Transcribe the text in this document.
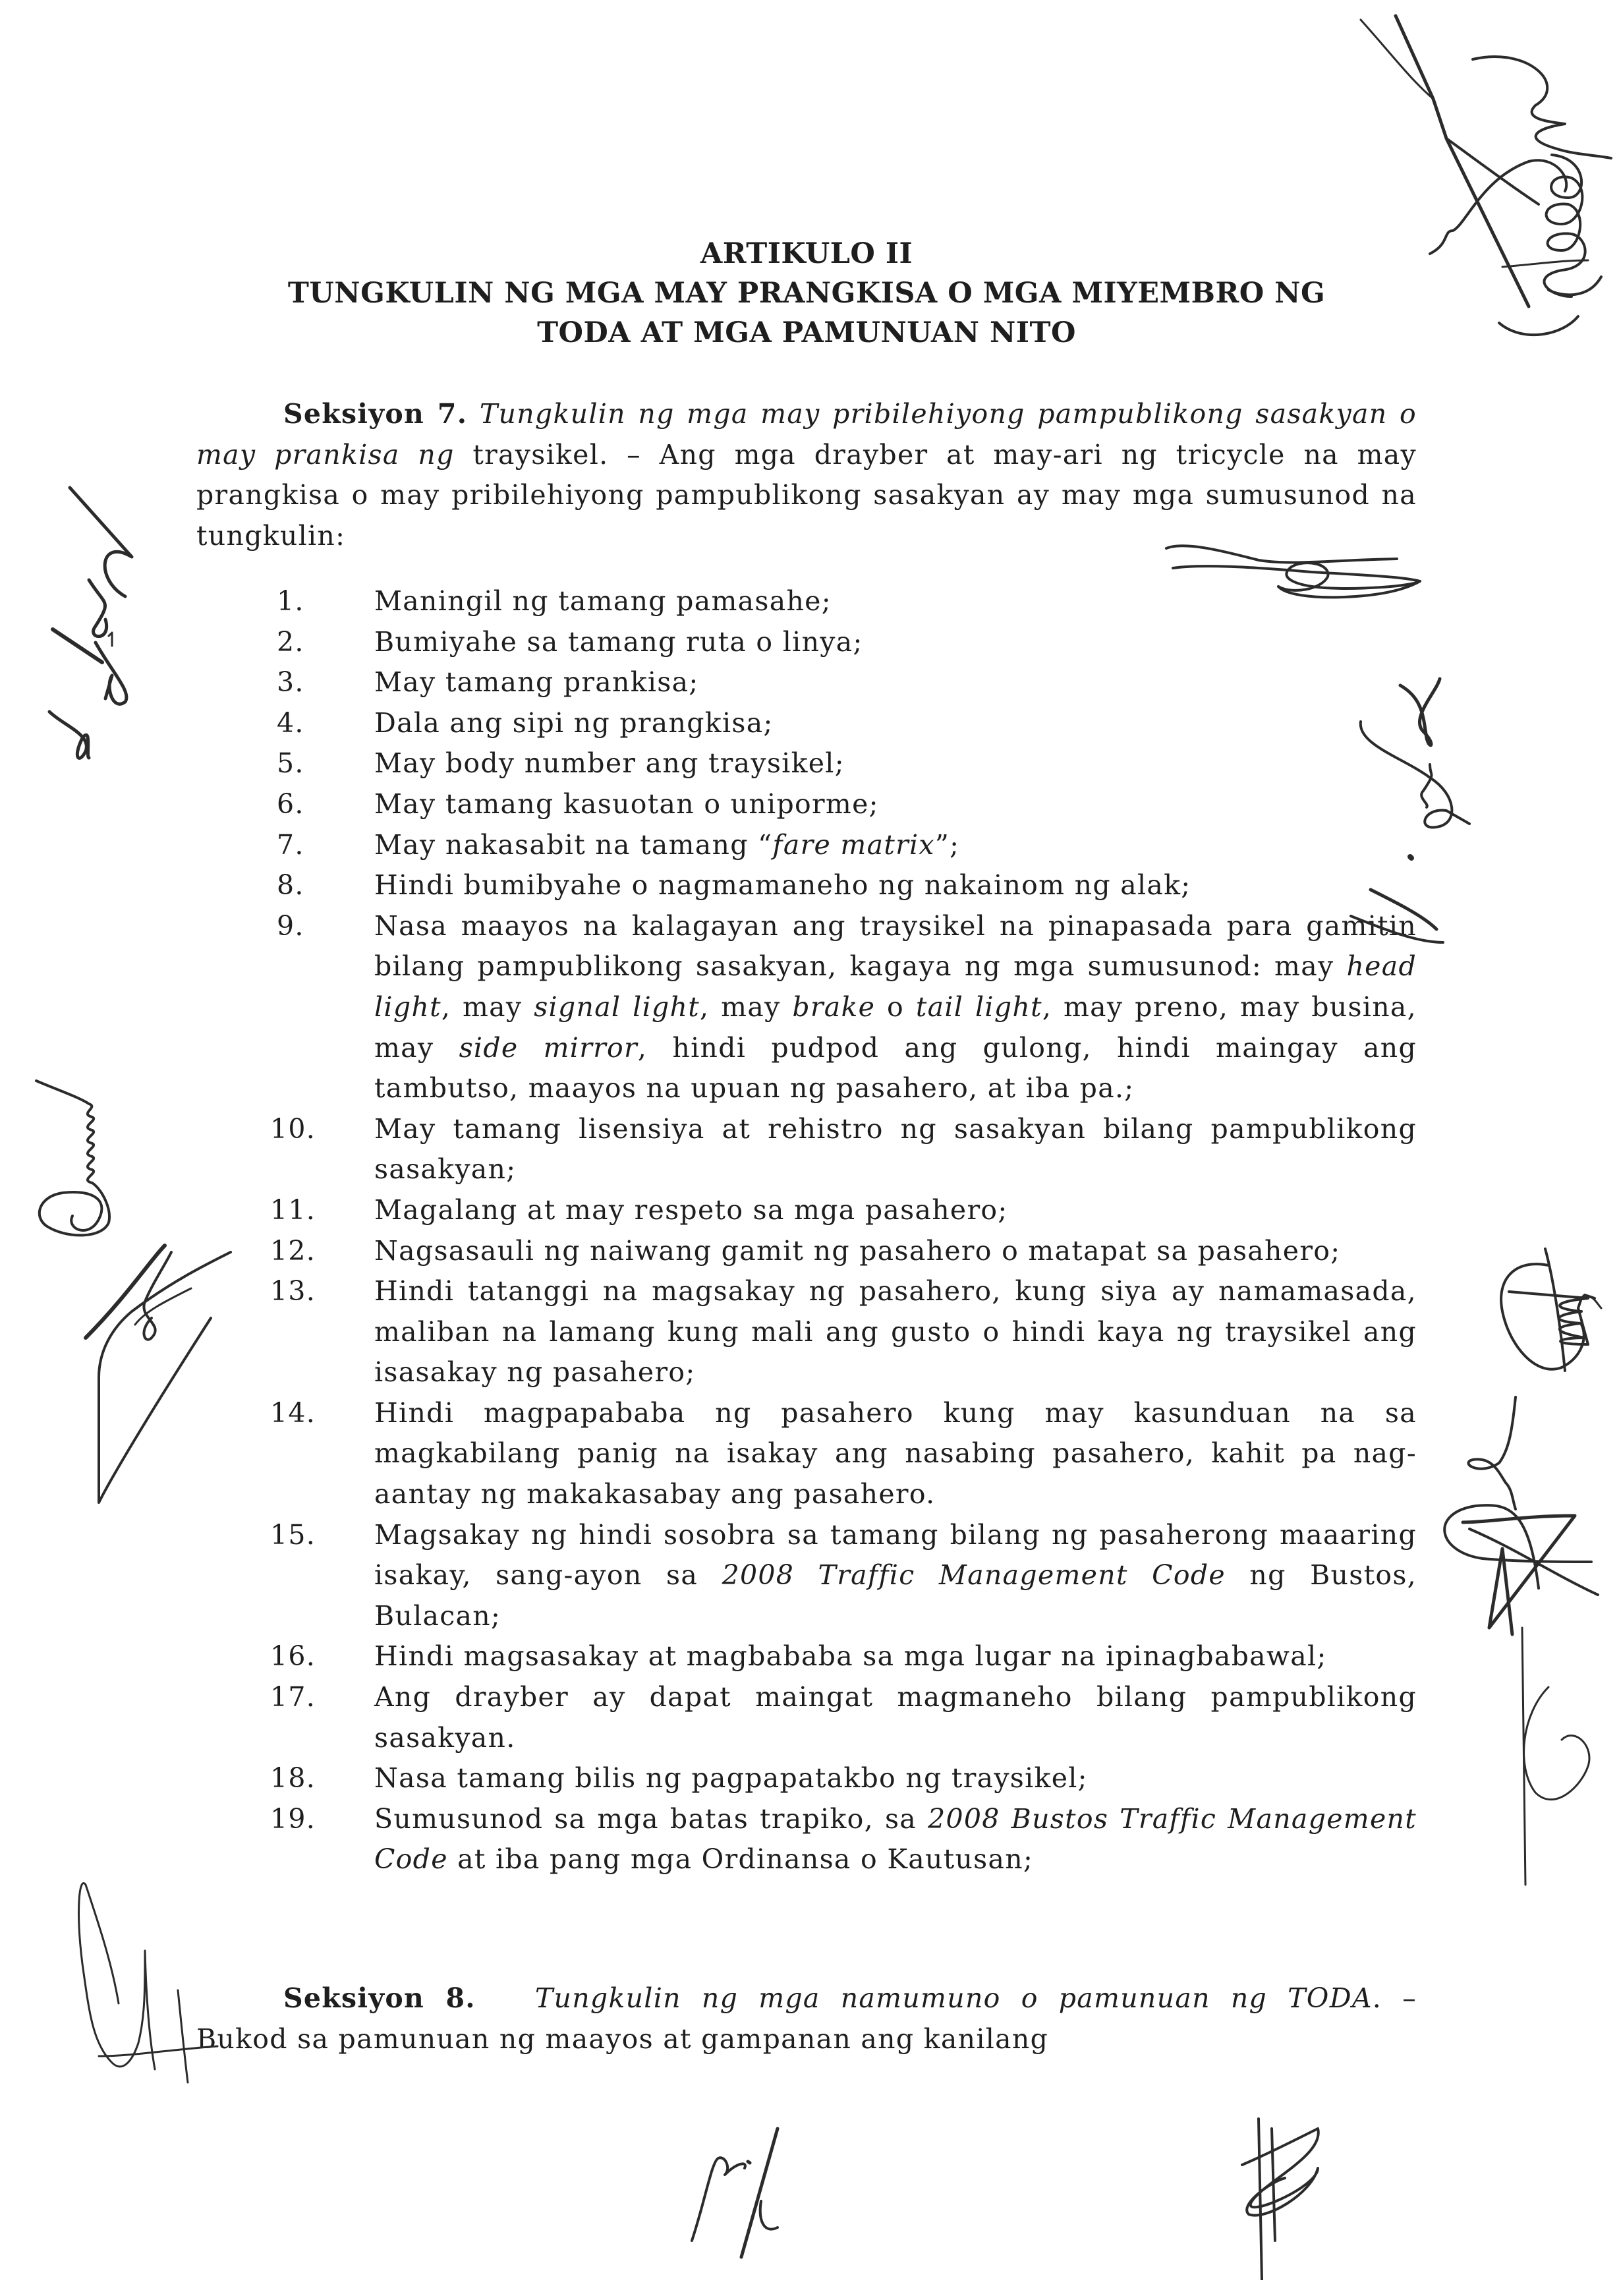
ARTIKULO II
TUNGKULIN NG MGA MAY PRANGKISA O MGA MIYEMBRO NG
TODA AT MGA PAMUNUAN NITO
Seksiyon 7. Tungkulin ng mga may pribilehiyong pampublikong sasakyan o may prankisa ng traysikel. – Ang mga drayber at may-ari ng tricycle na may prangkisa o may pribilehiyong pampublikong sasakyan ay may mga sumusunod na tungkulin:
1.	Maningil ng tamang pamasahe;
2.	Bumiyahe sa tamang ruta o linya;
3.	May tamang prankisa;
4.	Dala ang sipi ng prangkisa;
5.	May body number ang traysikel;
6.	May tamang kasuotan o uniporme;
7.	May nakasabit na tamang “fare matrix”;
8.	Hindi bumibyahe o nagmamaneho ng nakainom ng alak;
9.	Nasa maayos na kalagayan ang traysikel na pinapasada para gamitin bilang pampublikong sasakyan, kagaya ng mga sumusunod: may head light, may signal light, may brake o tail light, may preno, may busina, may side mirror, hindi pudpod ang gulong, hindi maingay ang tambutso, maayos na upuan ng pasahero, at iba pa.;
10.	May tamang lisensiya at rehistro ng sasakyan bilang pampublikong sasakyan;
11.	Magalang at may respeto sa mga pasahero;
12.	Nagsasauli ng naiwang gamit ng pasahero o matapat sa pasahero;
13.	Hindi tatanggi na magsakay ng pasahero, kung siya ay namamasada, maliban na lamang kung mali ang gusto o hindi kaya ng traysikel ang isasakay ng pasahero;
14.	Hindi magpapababa ng pasahero kung may kasunduan na sa magkabilang panig na isakay ang nasabing pasahero, kahit pa nag-aantay ng makakasabay ang pasahero.
15.	Magsakay ng hindi sosobra sa tamang bilang ng pasaherong maaaring isakay, sang-ayon sa 2008 Traffic Management Code ng Bustos, Bulacan;
16.	Hindi magsasakay at magbababa sa mga lugar na ipinagbabawal;
17.	Ang drayber ay dapat maingat magmaneho bilang pampublikong sasakyan.
18.	Nasa tamang bilis ng pagpapatakbo ng traysikel;
19.	Sumusunod sa mga batas trapiko, sa 2008 Bustos Traffic Management Code at iba pang mga Ordinansa o Kautusan;
Seksiyon 8. Tungkulin ng mga namumuno o pamunuan ng TODA. – Bukod sa pamunuan ng maayos at gampanan ang kanilang
